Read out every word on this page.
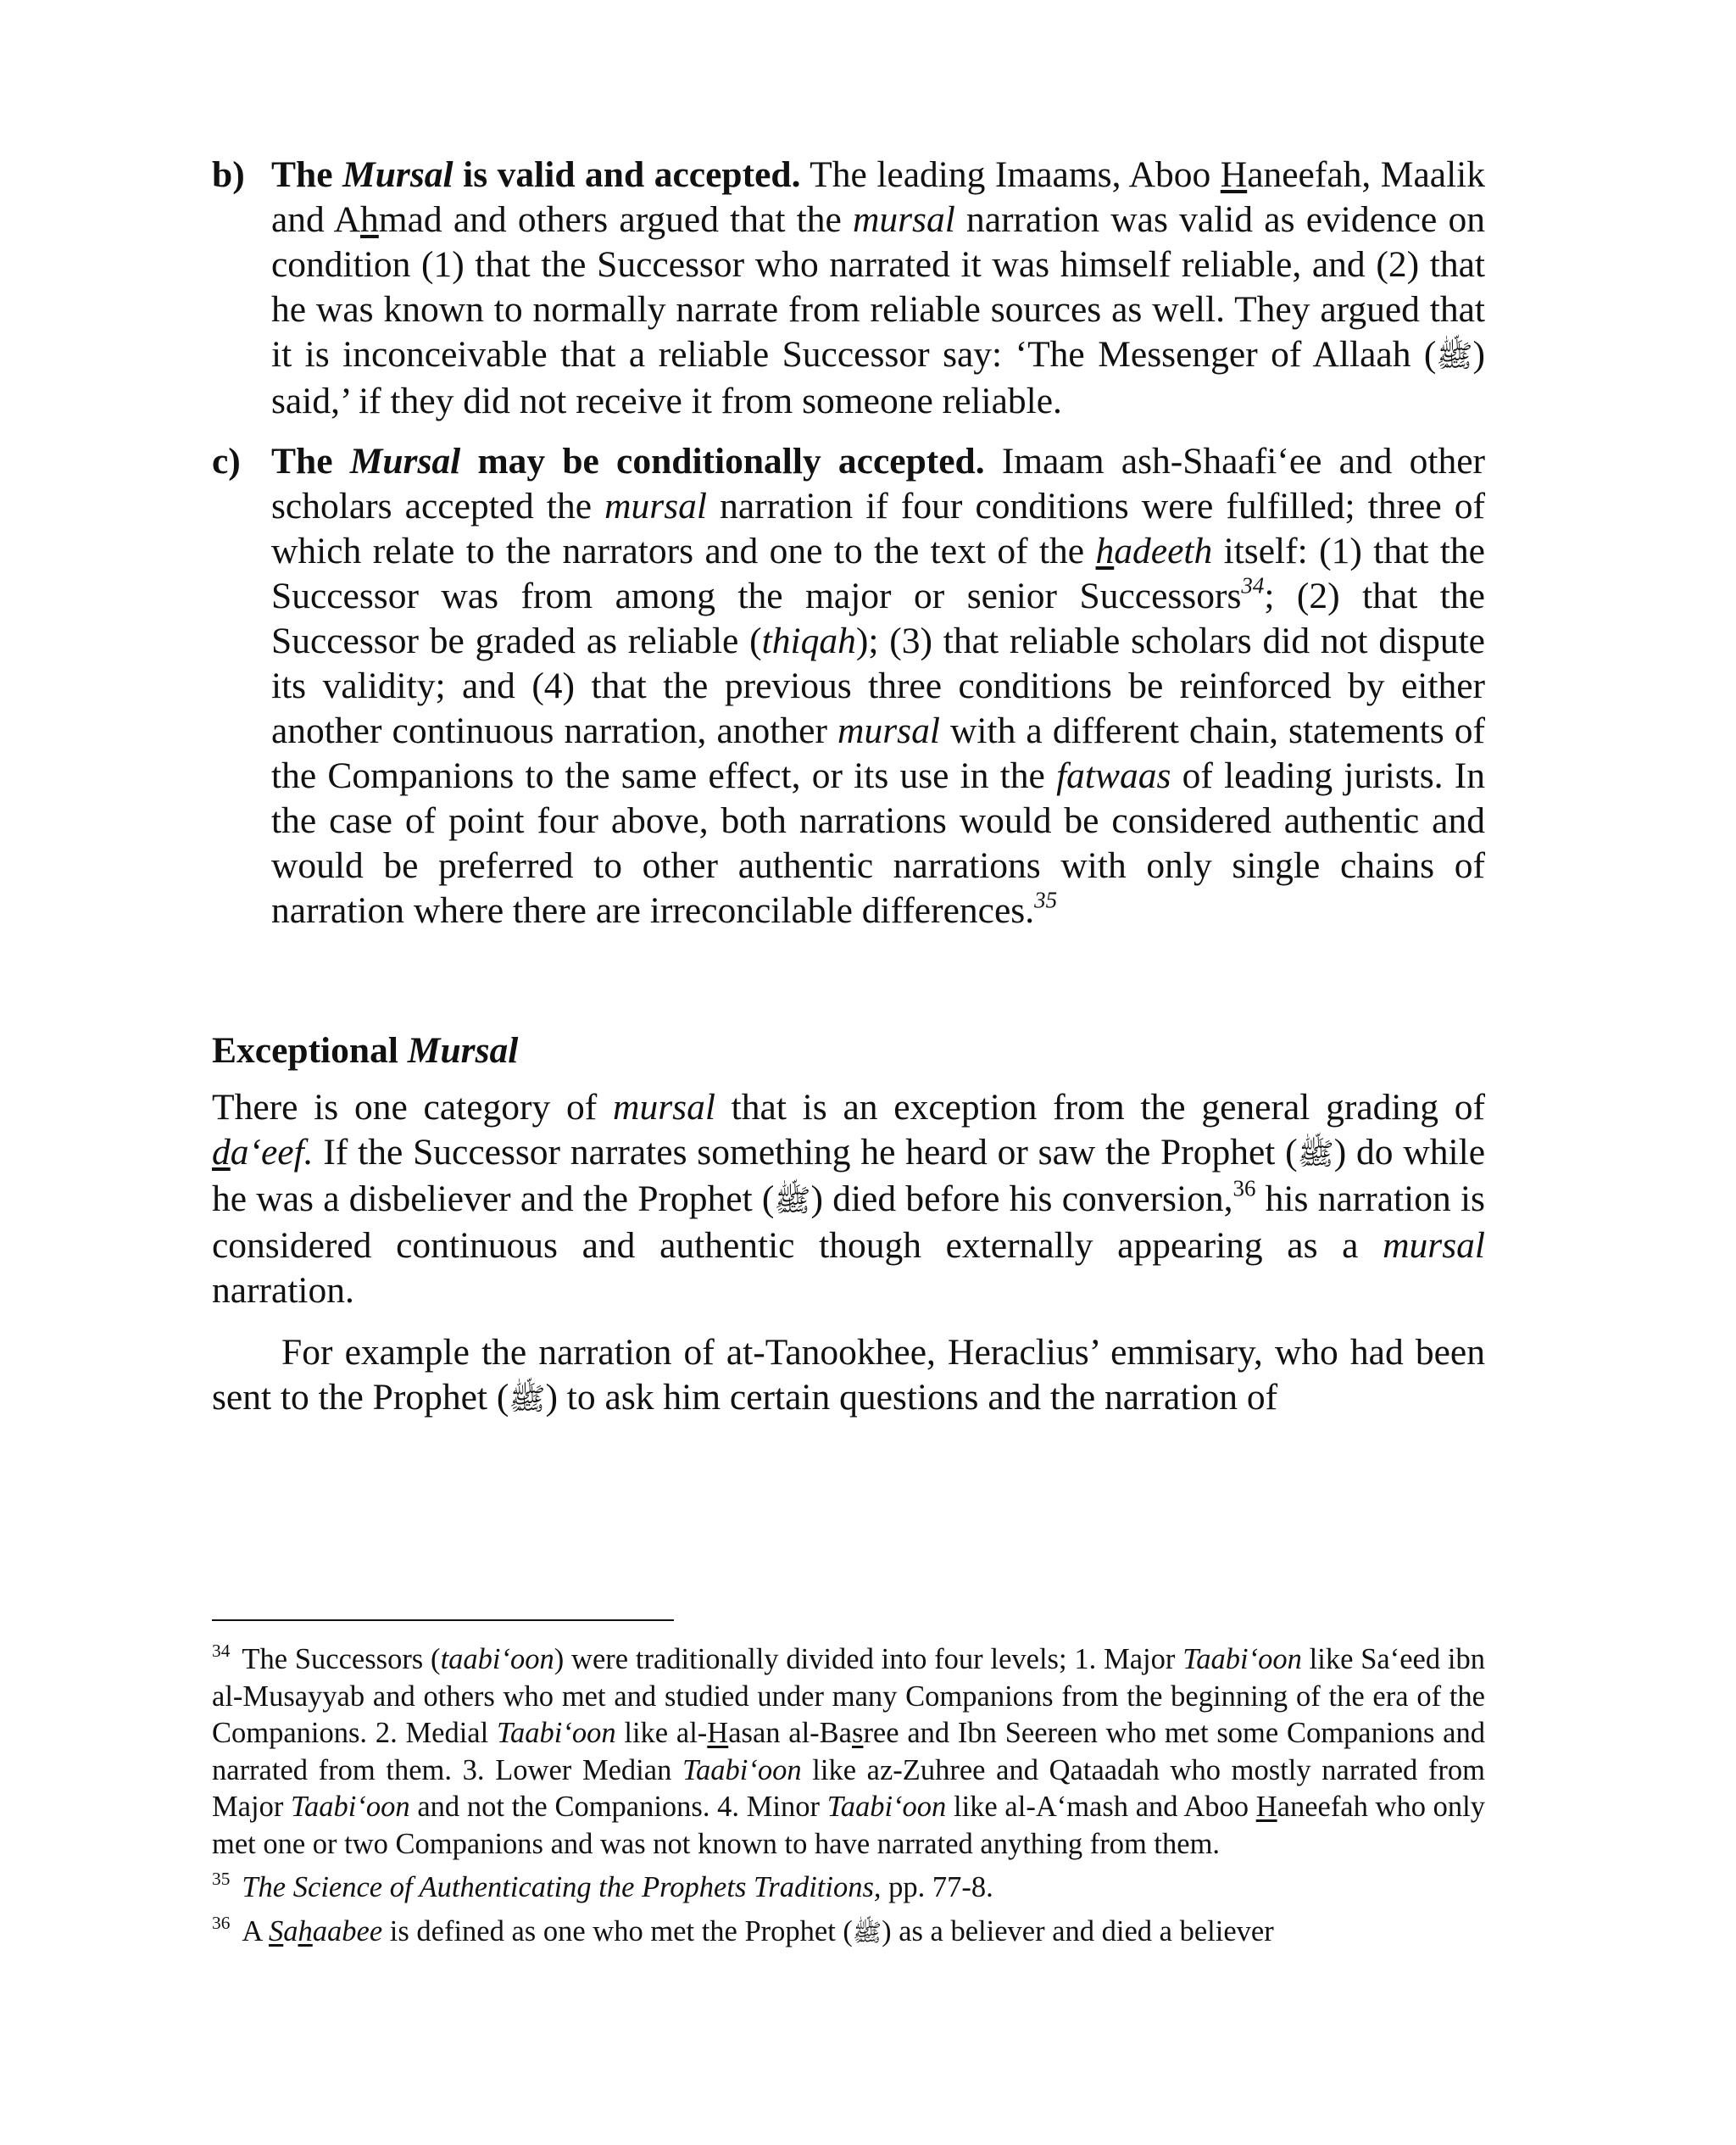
b) The Mursal is valid and accepted. The leading Imaams, Aboo Haneefah, Maalik and Ahmad and others argued that the mursal narration was valid as evidence on condition (1) that the Successor who narrated it was himself reliable, and (2) that he was known to normally narrate from reliable sources as well. They argued that it is inconceivable that a reliable Successor say: ‘The Messenger of Allaah (ﷺ) said,’ if they did not receive it from someone reliable.
c) The Mursal may be conditionally accepted. Imaam ash-Shaafi‘ee and other scholars accepted the mursal narration if four conditions were fulfilled; three of which relate to the narrators and one to the text of the hadeeth itself: (1) that the Successor was from among the major or senior Successors$^{34}$; (2) that the Successor be graded as reliable (thiqah); (3) that reliable scholars did not dispute its validity; and (4) that the previous three conditions be reinforced by either another continuous narration, another mursal with a different chain, statements of the Companions to the same effect, or its use in the fatwaas of leading jurists. In the case of point four above, both narrations would be considered authentic and would be preferred to other authentic narrations with only single chains of narration where there are irreconcilable differences.$^{35}$
Exceptional Mursal

There is one category of mursal that is an exception from the general grading of da‘eef. If the Successor narrates something he heard or saw the Prophet (ﷺ) do while he was a disbeliever and the Prophet (ﷺ) died before his conversion,$^{36}$ his narration is considered continuous and authentic though externally appearing as a mursal narration.

For example the narration of at-Tanookhee, Heraclius’ emmisary, who had been sent to the Prophet (ﷺ) to ask him certain questions and the narration of

$^{34}$ The Successors (taabi‘oon) were traditionally divided into four levels; 1. Major Taabi‘oon like Sa‘eed ibn al-Musayyab and others who met and studied under many Companions from the beginning of the era of the Companions. 2. Medial Taabi‘oon like al-Hasan al-Basree and Ibn Seereen who met some Companions and narrated from them. 3. Lower Median Taabi‘oon like az-Zuhree and Qataadah who mostly narrated from Major Taabi‘oon and not the Companions. 4. Minor Taabi‘oon like al-A‘mash and Aboo Haneefah who only met one or two Companions and was not known to have narrated anything from them.

$^{35}$ The Science of Authenticating the Prophets Traditions, pp. 77-8.

$^{36}$ A Sahaabee is defined as one who met the Prophet (ﷺ) as a believer and died a believer
